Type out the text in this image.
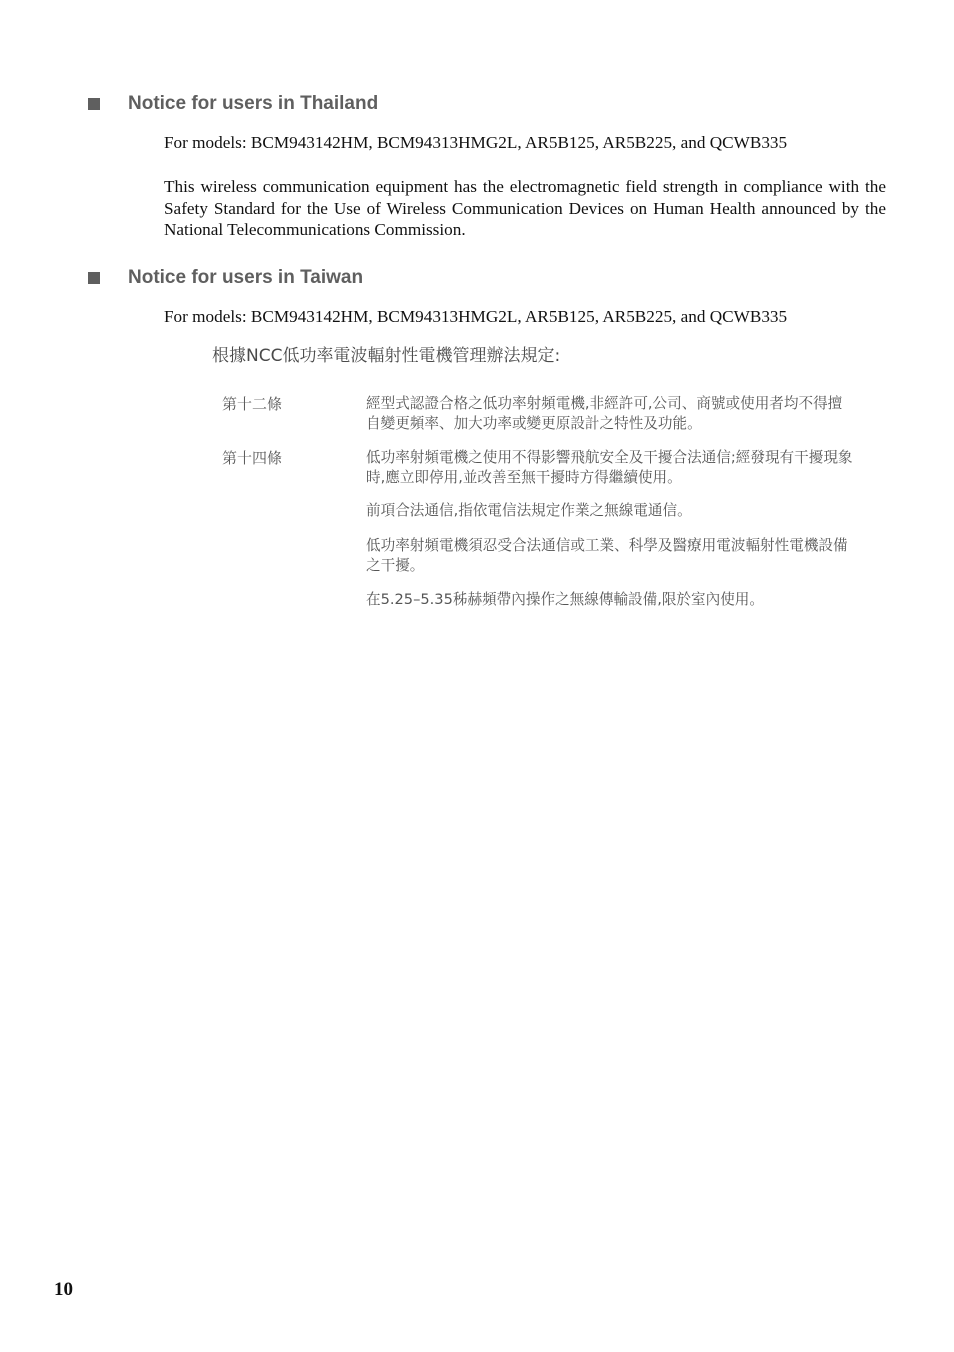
Notice for users in Thailand
For models: BCM943142HM, BCM94313HMG2L, AR5B125, AR5B225, and QCWB335
This wireless communication equipment has the electromagnetic field strength in compliance with the Safety Standard for the Use of Wireless Communication Devices on Human Health announced by the National Telecommunications Commission.
Notice for users in Taiwan
For models: BCM943142HM, BCM94313HMG2L, AR5B125, AR5B225, and QCWB335
根據NCC低功率電波輻射性電機管理辦法規定:
第十二條	經型式認證合格之低功率射頻電機,非經許可,公司、商號或使用者均不得擅自變更頻率、加大功率或變更原設計之特性及功能。
第十四條	低功率射頻電機之使用不得影響飛航安全及干擾合法通信;經發現有干擾現象時,應立即停用,並改善至無干擾時方得繼續使用。
前項合法通信,指依電信法規定作業之無線電通信。
低功率射頻電機須忍受合法通信或工業、科學及醫療用電波輻射性電機設備之干擾。
在5.25–5.35秭赫頻帶內操作之無線傳輸設備,限於室內使用。
10
